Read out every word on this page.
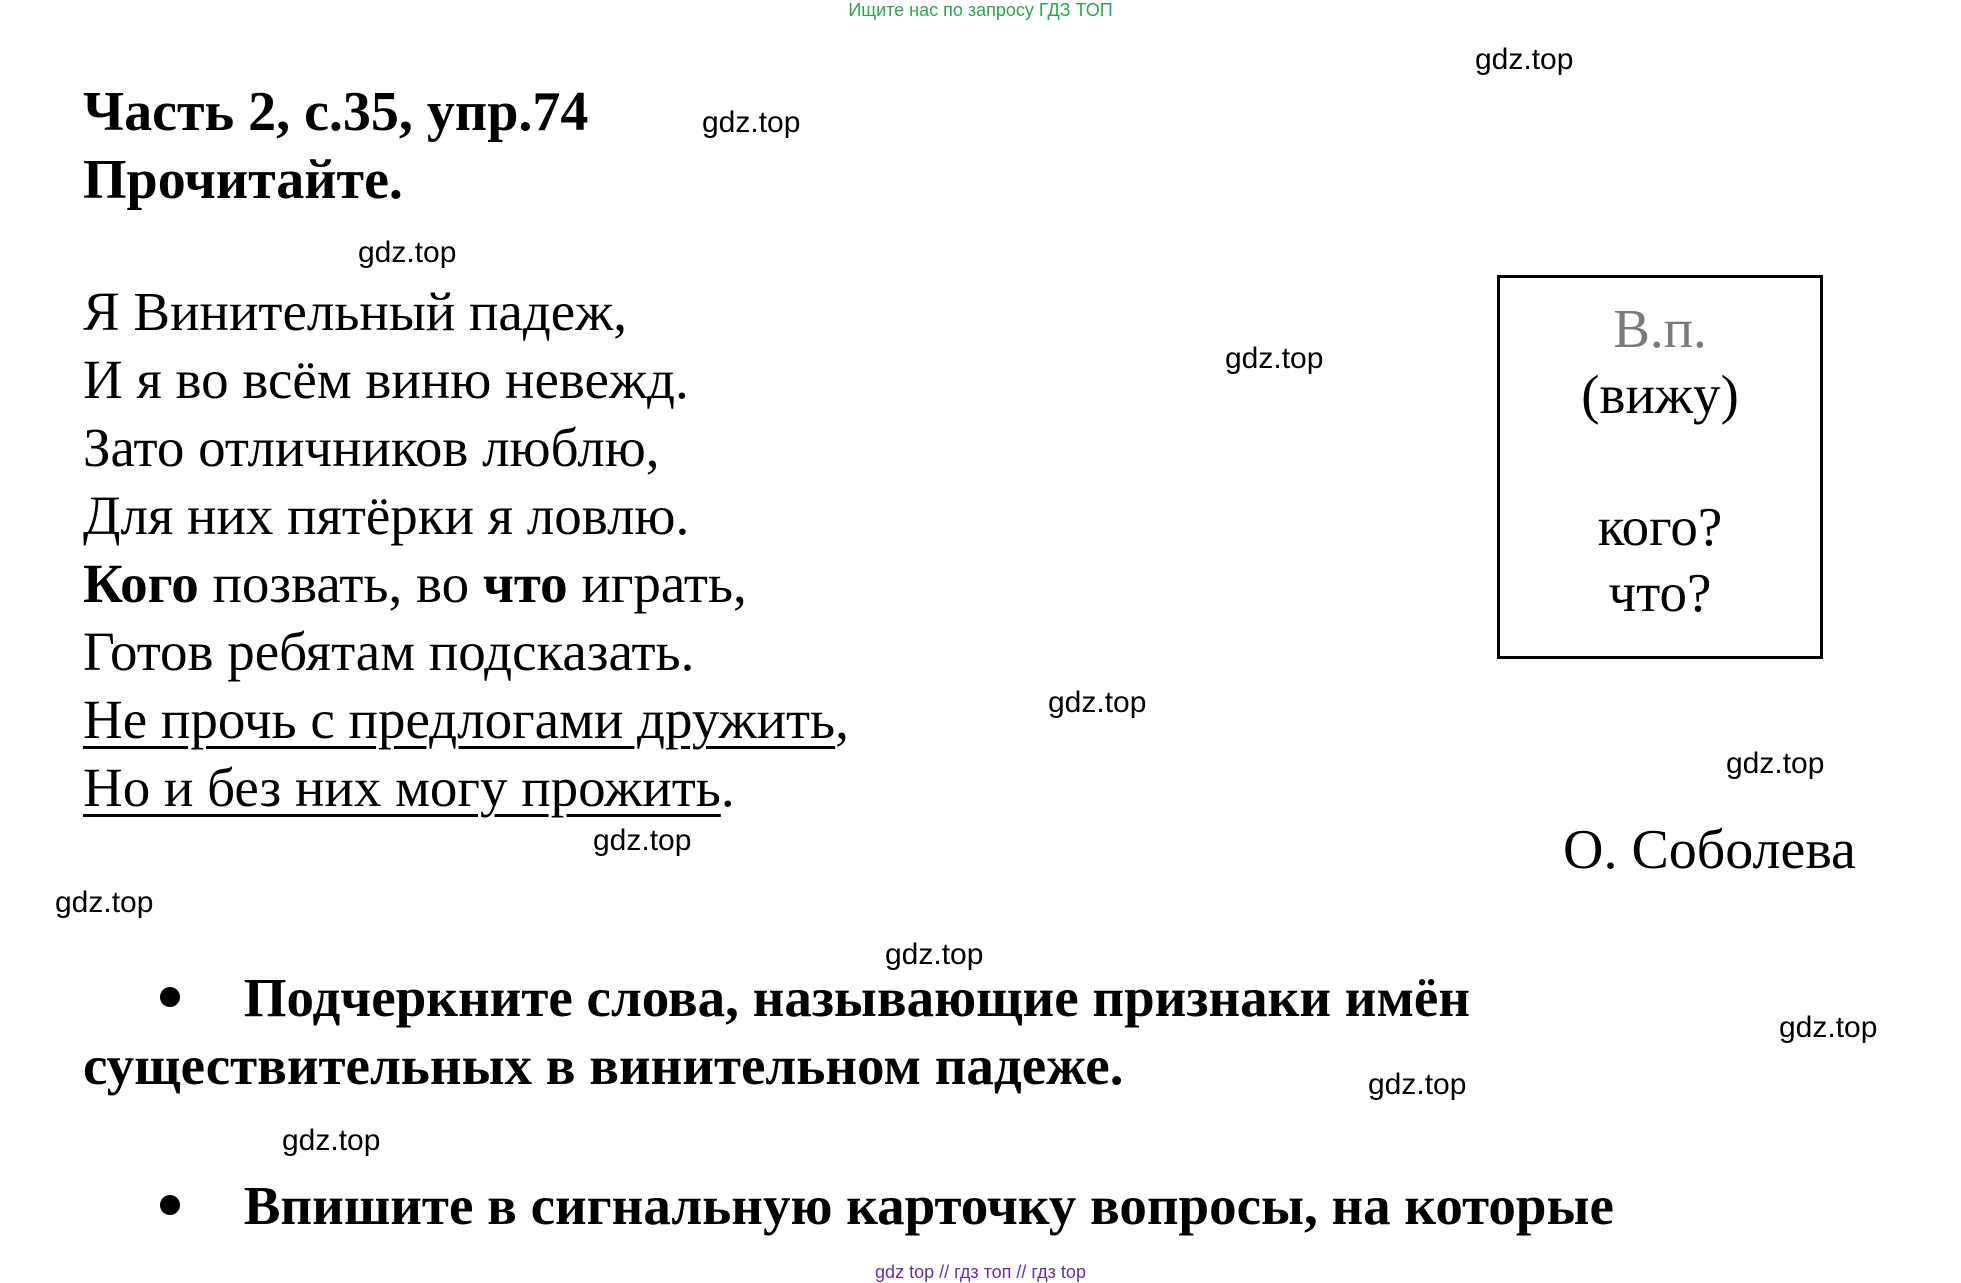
Ищите нас по запросу ГДЗ ТОП
Часть 2, с.35, упр.74
Прочитайте.
Я Винительный падеж,
И я во всём виню невежд.
Зато отличников люблю,
Для них пятёрки я ловлю.
Кого позвать, во что играть,
Готов ребятам подсказать.
Не прочь с предлогами дружить,
Но и без них могу прожить.
В.п.
(вижу)
кого?
что?
О. Соболева
Подчеркните слова, называющие признаки имён
существительных в винительном падеже.
Впишите в сигнальную карточку вопросы, на которые
gdz.top
gdz.top
gdz.top
gdz.top
gdz.top
gdz.top
gdz.top
gdz.top
gdz.top
gdz.top
gdz.top
gdz.top
gdz top // гдз топ // гдз top
